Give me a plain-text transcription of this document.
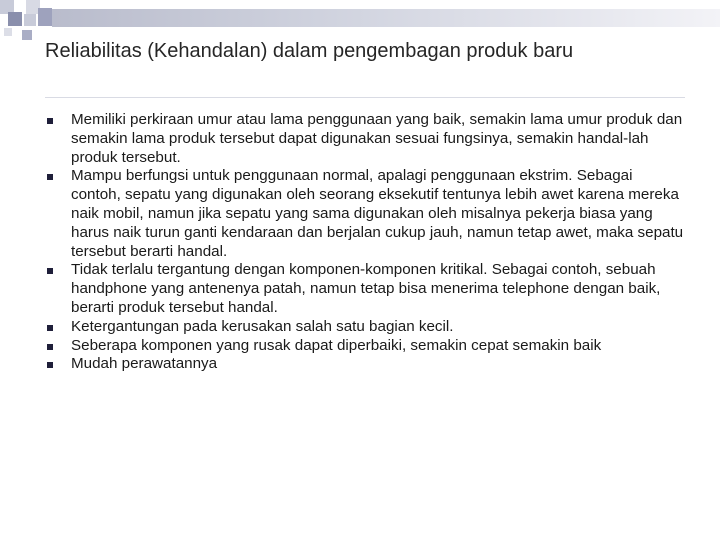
Reliabilitas (Kehandalan) dalam pengembagan produk baru
Memiliki perkiraan umur atau lama penggunaan yang baik, semakin lama umur produk dan semakin lama produk tersebut dapat digunakan sesuai fungsinya, semakin handal-lah produk tersebut.
Mampu berfungsi untuk penggunaan normal, apalagi penggunaan ekstrim. Sebagai contoh, sepatu yang digunakan oleh seorang eksekutif tentunya lebih awet karena mereka naik mobil, namun jika sepatu yang sama digunakan oleh misalnya pekerja biasa yang harus naik turun ganti kendaraan dan berjalan cukup jauh, namun tetap awet, maka sepatu tersebut berarti handal.
Tidak terlalu tergantung dengan komponen-komponen kritikal. Sebagai contoh, sebuah handphone yang antenenya patah, namun tetap bisa menerima telephone dengan baik, berarti produk tersebut handal.
Ketergantungan pada kerusakan salah satu bagian kecil.
Seberapa komponen yang rusak dapat diperbaiki, semakin cepat semakin baik
Mudah perawatannya
